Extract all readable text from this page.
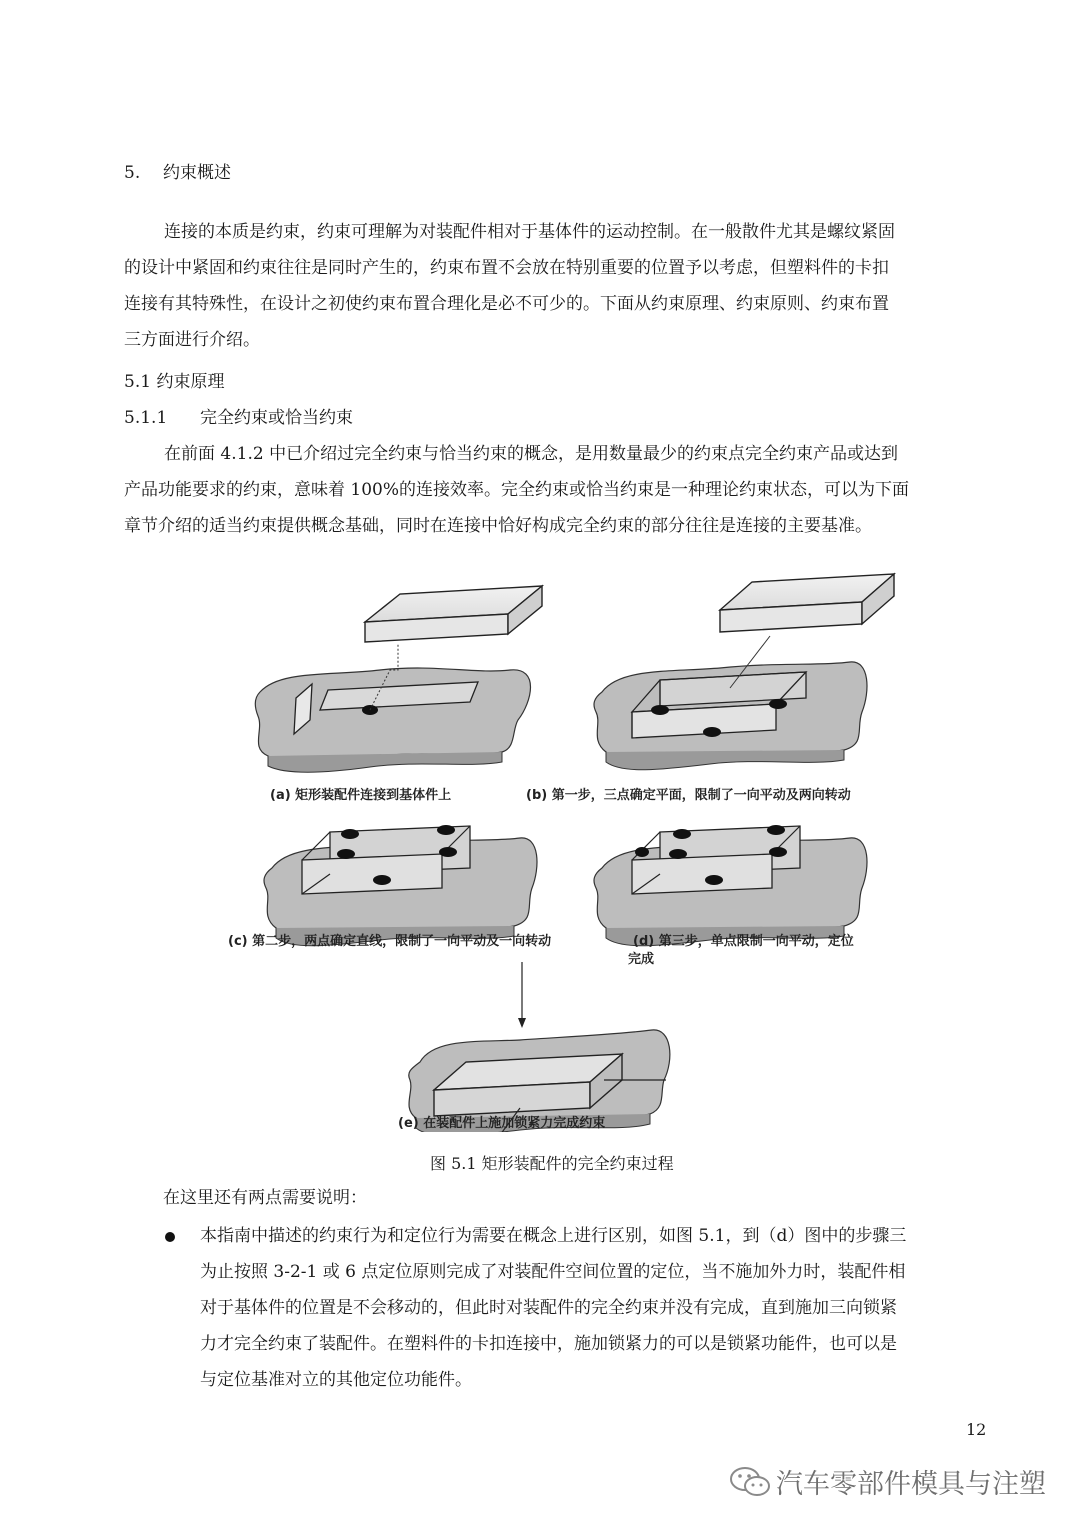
5. 约束概述

连接的本质是约束，约束可理解为对装配件相对于基体件的运动控制。在一般散件尤其是螺纹紧固

的设计中紧固和约束往往是同时产生的，约束布置不会放在特别重要的位置予以考虑，但塑料件的卡扣

连接有其特殊性，在设计之初使约束布置合理化是必不可少的。下面从约束原理、约束原则、约束布置

三方面进行介绍。

5.1 约束原理
5.1.1 完全约束或恰当约束

在前面 4.1.2 中已介绍过完全约束与恰当约束的概念，是用数量最少的约束点完全约束产品或达到

产品功能要求的约束，意味着 100%的连接效率。完全约束或恰当约束是一种理论约束状态，可以为下面

章节介绍的适当约束提供概念基础，同时在连接中恰好构成完全约束的部分往往是连接的主要基准。

(a) 矩形装配件连接到基体件上	(b) 第一步，三点确定平面，限制了一向平动及两向转动
(c) 第二步，两点确定直线，限制了一向平动及一向转动	(d) 第三步，单点限制一向平动，定位
完成
(e) 在装配件上施加锁紧力完成约束
图 5.1 矩形装配件的完全约束过程
在这里还有两点需要说明：

本指南中描述的约束行为和定位行为需要在概念上进行区别，如图 5.1，到（d）图中的步骤三

为止按照 3-2-1 或 6 点定位原则完成了对装配件空间位置的定位，当不施加外力时，装配件相

对于基体件的位置是不会移动的，但此时对装配件的完全约束并没有完成，直到施加三向锁紧

力才完全约束了装配件。在塑料件的卡扣连接中，施加锁紧力的可以是锁紧功能件，也可以是

与定位基准对立的其他定位功能件。

12
汽车零部件模具与注塑
